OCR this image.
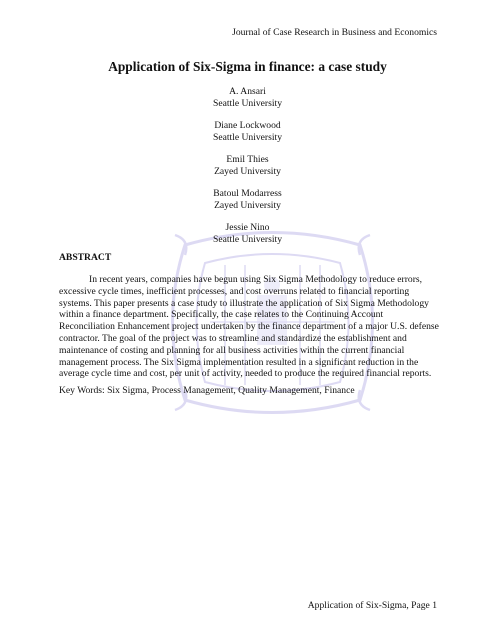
Journal of Case Research in Business and Economics
Application of Six-Sigma in finance: a case study
A. Ansari
Seattle University
Diane Lockwood
Seattle University
Emil Thies
Zayed University
Batoul Modarress
Zayed University
Jessie Nino
Seattle University
ABSTRACT

In recent years, companies have begun using Six Sigma Methodology to reduce errors, excessive cycle times, inefficient processes, and cost overruns related to financial reporting systems. This paper presents a case study to illustrate the application of Six Sigma Methodology within a finance department. Specifically, the case relates to the Continuing Account Reconciliation Enhancement project undertaken by the finance department of a major U.S. defense contractor. The goal of the project was to streamline and standardize the establishment and maintenance of costing and planning for all business activities within the current financial management process. The Six Sigma implementation resulted in a significant reduction in the average cycle time and cost, per unit of activity, needed to produce the required financial reports.

Key Words: Six Sigma, Process Management, Quality Management, Finance
Application of Six-Sigma, Page 1
